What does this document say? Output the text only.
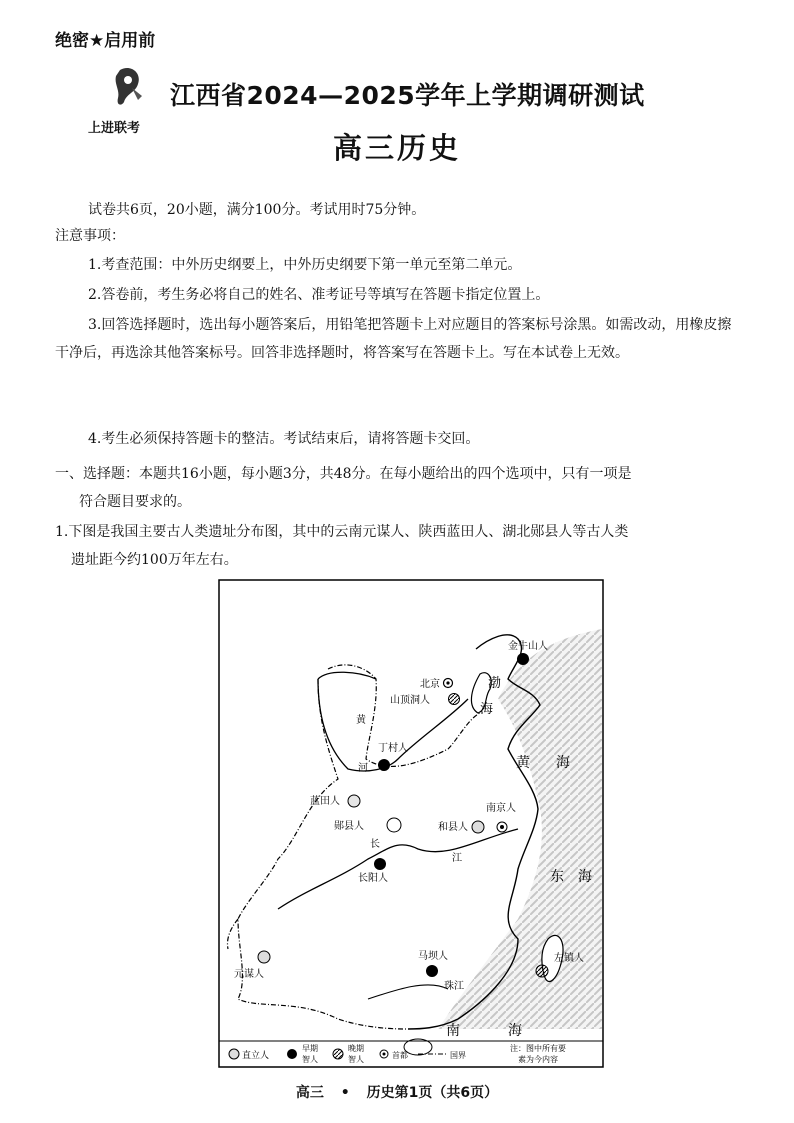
绝密★启用前
上进联考
江西省2024—2025学年上学期调研测试
高三历史
试卷共6页，20小题，满分100分。考试用时75分钟。
注意事项：
1.考查范围：中外历史纲要上，中外历史纲要下第一单元至第二单元。
2.答卷前，考生务必将自己的姓名、准考证号等填写在答题卡指定位置上。
3.回答选择题时，选出每小题答案后，用铅笔把答题卡上对应题目的答案标号涂黑。如需改动，用橡皮擦干净后，再选涂其他答案标号。回答非选择题时，将答案写在答题卡上。写在本试卷上无效。
4.考生必须保持答题卡的整洁。考试结束后，请将答题卡交回。
一、选择题：本题共16小题，每小题3分，共48分。在每小题给出的四个选项中，只有一项是
符合题目要求的。
1.下图是我国主要古人类遗址分布图，其中的云南元谋人、陕西蓝田人、湖北郧县人等古人类
遗址距今约100万年左右。
金牛山人
北京
山顶洞人
丁村人
蓝田人
郧县人
南京人
和县人
长阳人
马坝人
元谋人
左镇人
渤
海
黄 海
东 海
南	海
黄
河
长
江
珠江
直立人
早期
智人
晚期
智人	首都	国界
注：图中所有要
素为今内容
高三 • 历史第1页（共6页）
